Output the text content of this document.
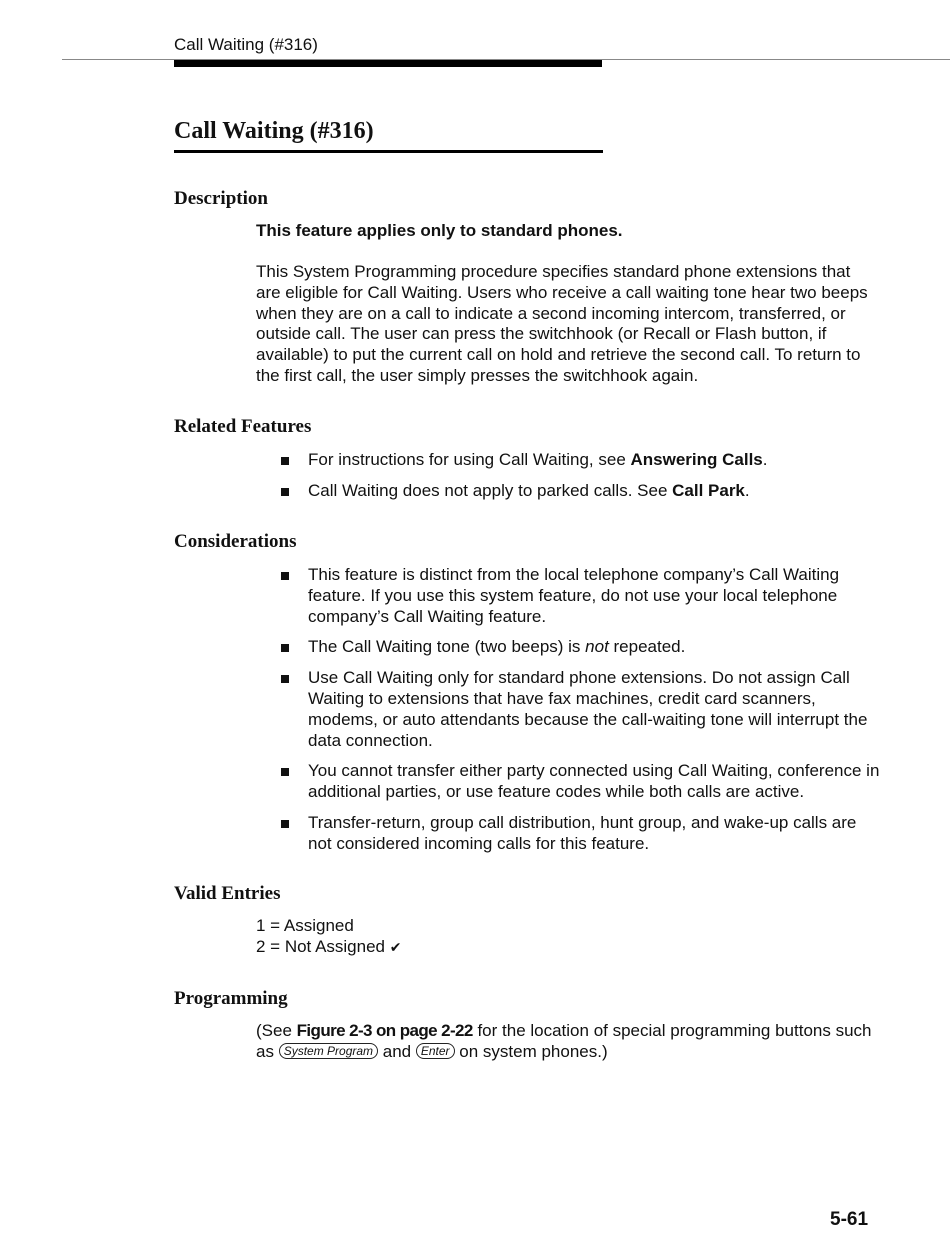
Call Waiting (#316)
Call Waiting (#316)
Description

This feature applies only to standard phones.

This System Programming procedure specifies standard phone extensions that are eligible for Call Waiting. Users who receive a call waiting tone hear two beeps when they are on a call to indicate a second incoming intercom, transferred, or outside call. The user can press the switchhook (or Recall or Flash button, if available) to put the current call on hold and retrieve the second call. To return to the first call, the user simply presses the switchhook again.

Related Features
For instructions for using Call Waiting, see Answering Calls.
Call Waiting does not apply to parked calls. See Call Park.
Considerations
This feature is distinct from the local telephone company’s Call Waiting feature. If you use this system feature, do not use your local telephone company’s Call Waiting feature.
The Call Waiting tone (two beeps) is not repeated.
Use Call Waiting only for standard phone extensions. Do not assign Call Waiting to extensions that have fax machines, credit card scanners, modems, or auto attendants because the call-waiting tone will interrupt the data connection.
You cannot transfer either party connected using Call Waiting, conference in additional parties, or use feature codes while both calls are active.
Transfer-return, group call distribution, hunt group, and wake-up calls are not considered incoming calls for this feature.
Valid Entries
1 = Assigned
2 = Not Assigned ✔
Programming

(See Figure 2-3 on page 2-22 for the location of special programming buttons such as System Program and Enter on system phones.)

5-61
